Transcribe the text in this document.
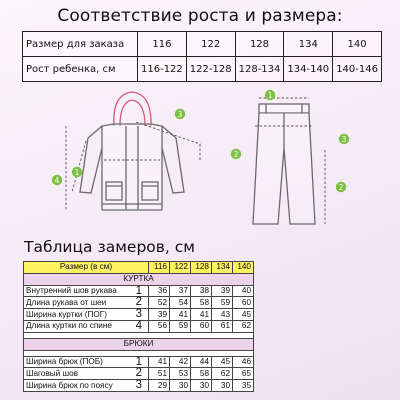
Соответствие роста и размера:
Размер для заказа	116	122	128	134	140
Рост ребенка, см	116-122	122-128	128-134	134-140	140-146
1
2
3
4
1
2
3
Таблица замеров, см
Размер (в см)	116	122	128	134	140
КУРТКА					
Внутренний шов рукава 1	36	37	38	39	40
Длина рукава от шеи 2	52	54	58	59	60
Ширина куртки (ПОГ) 3	39	41	41	43	45
Длина куртки по спине 4	56	59	60	61	62

БРЮКИ					

Ширина брюк (ПОБ) 1	41	42	44	45	46
Шаговый шов 2	51	53	58	62	65
Ширина брюк по поясу 3	29	30	30	30	35
